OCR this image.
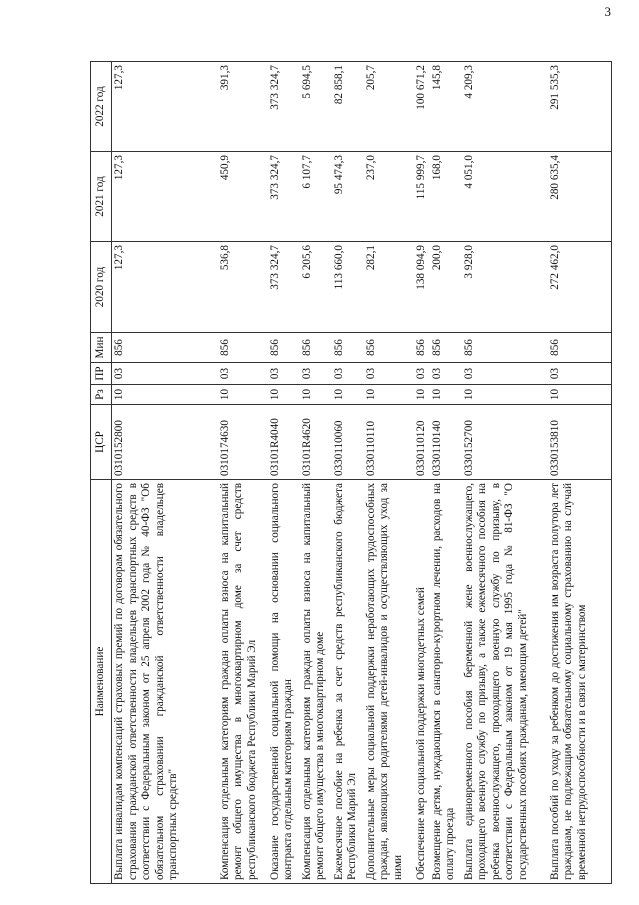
3
Наименование	ЦСР	Рз	ПР	Мин	2020 год	2021 год	2022 год
Выплата инвалидам компенсаций страховых премий по договорам обязательного страхования гражданской ответственности владельцев транспортных средств в соответствии с Федеральным законом от 25 апреля 2002 года № 40-ФЗ "Об обязательном страховании гражданской ответственности владельцев транспортных средств"	0310152800	10	03	856	127,3	127,3	127,3
Компенсация отдельным категориям граждан оплаты взноса на капитальный ремонт общего имущества в многоквартирном доме за счет средств республиканского бюджета Республики Марий Эл	0310174630	10	03	856	536,8	450,9	391,3
Оказание государственной социальной помощи на основании социального контракта отдельным категориям граждан	03101R4040	10	03	856	373 324,7	373 324,7	373 324,7
Компенсация отдельным категориям граждан оплаты взноса на капитальный ремонт общего имущества в многоквартирном доме	03101R4620	10	03	856	6 205,6	6 107,7	5 694,5
Ежемесячное пособие на ребенка за счет средств республиканского бюджета Республики Марий Эл	0330110060	10	03	856	113 660,0	95 474,3	82 858,1
Дополнительные меры социальной поддержки неработающих трудоспособных граждан, являющихся родителями детей-инвалидов и осуществляющих уход за ними	0330110110	10	03	856	282,1	237,0	205,7
Обеспечение мер социальной поддержки многодетных семей	0330110120	10	03	856	138 094,9	115 999,7	100 671,2
Возмещение детям, нуждающимся в санаторно-курортном лечении, расходов на оплату проезда	0330110140	10	03	856	200,0	168,0	145,8
Выплата единовременного пособия беременной жене военнослужащего, проходящего военную службу по призыву, а также ежемесячного пособия на ребенка военнослужащего, проходящего военную службу по призыву, в соответствии с Федеральным законом от 19 мая 1995 года № 81-ФЗ "О государственных пособиях гражданам, имеющим детей"	0330152700	10	03	856	3 928,0	4 051,0	4 209,3
Выплата пособий по уходу за ребенком до достижения им возраста полутора лет гражданам, не подлежащим обязательному социальному страхованию на случай временной нетрудоспособности и в связи с материнством	0330153810	10	03	856	272 462,0	280 635,4	291 535,3
